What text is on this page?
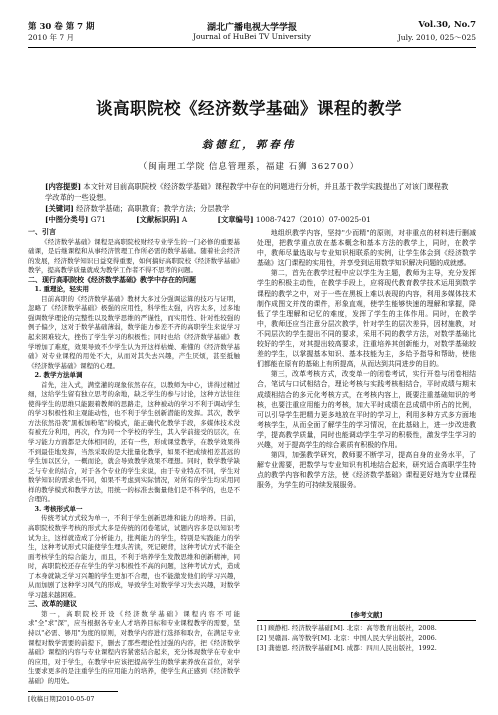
第 30 卷 第 7 期
2010 年 7 月
湖北广播电视大学学报
Journal of HuBei TV University
Vol.30, No.7
July. 2010, 025～025
谈高职院校《经济数学基础》课程的教学
翁德红，郭春伟
（闽南理工学院 信息管理系，福建 石狮 362700）

[内容提要] 本文针对目前高职院校《经济数学基础》课程教学中存在的问题进行分析，并且基于教学实践提出了对该门课程教学改革的一些设想。

[关键词] 经济数学基础；高职教育；教学方法；分层教学

[中图分类号] G71	[文献标识码] A	[文章编号] 1008-7427（2010）07-0025-01

一、引言

《经济数学基础》课程是高职院校财经专业学生的一门必修的重要基础课，是后继课程和从事经济管理工作所必需的数学基础。随着社会经济的发展，经济数学知识日益变得重要，如何搞好高职院校《经济数学基础》教学，提高教学质量就成为教学工作者不得不思考的问题。

二、现行高职院校《经济数学基础》教学中存在的问题

1. 重理论，轻实用

目前高职的《经济数学基础》教材大多过分强调运算的技巧与证明，忽略了《经济数学基础》极强的应用性，科学性太强，内容太多，过多地强调数学理论的完整性以及数学思维的严谨性，而实用性、针对性较强的例子偏少，这对于数学基础薄弱，数学能力参差不齐的高职学生来说学习起来困难较大，挫伤了学生学习的积极性；同时也给《经济数学基础》教学增加了难度，效果导致不少学生认为开这样枯燥、难懂的《经济数学基础》对专业课程的用处不大，从而对其失去兴趣，产生厌烦，甚至抵触《经济数学基础》课程的心理。

2. 教学方法单调

首先，注入式，满堂灌的现象依然存在，以教师为中心，讲得过精过细，这给学生留有独立思考的余地，缺乏学生的参与讨论，这种方法往往使得学生的思维只能跟着教师的思路走，这种被动的学习不利于调动学生的学习积极性和主观能动性，也不利于学生创新潜能的发挥。其次，教学方法依然沿袭"黑板加粉笔"的模式，能正确代化教学手段，多媒体技术没有被充分利用，再次，作为同一个学校的学生，其入学前接受的层次，在学习能力方面都是大体相同的，还有一些，形成课堂教学，在教学效果得不到最佳地发挥，当然采取的是大批量化教学，如果不把成绩相差甚远的学生加以区分，一概而论，就会导致教学效果不理想。同时，数学教学缺乏与专业的结合，对于各个专业的学生来说，由于专业特点不同，学生对数学知识的需求也不同，如果不考虑到实际情况，对所有的学生均采用同样的教学模式和教学方法，用统一的标准去衡量他们是不科学的，也是不合理的。

3. 考核形式单一

传统考试方式较为单一，不利于学生创新思维和能力的培养。目前，高职院校数学考核的形式大多是传统的闭卷笔试，试题内容多是以知识考试为主，这样就造成了分析能力，批判能力的学生，特别是实践能力的学生，这种考试形式只能使学生埋头苦读，死记硬背，这种考试方式不能全面考核学生的综合能力，而且，不利于培养学生发散思维和创新精神，同时，高职院校还存在学生的学习积极性不高的问题，这种考试方式，造成了本身就缺乏学习兴趣的学生更加不合理，也不能激发他们的学习兴趣，从而加剧了这种学习风气的形成，导致学生对数学学习失去兴趣，对数学学习越来越困难。

三、改革的建议

第一，高职院校开设《经济数学基础》课程内容不可能求"全"求"深"，应当根据各专业人才培养目标和专业课程教学的需要，坚持以"必需、够用"为度的原则，对教学内容进行选择和取舍，在满足专业课程对数学需要的前提下，删去了那些理论性过强的内容，把《经济数学基础》课程的内容与专业课程内容紧密结合起来，充分体现数学在专业中的应用，对于学生，在教学中应该把提高学生的数学素养放在首位，对学生要求更多的是注重学生的应用能力的培养，使学生真正感到《经济数学基础》的用处。

地组织教学内容，坚持"少而精"的原则，对非重点的材料进行删减处理，把教学重点放在基本概念和基本方法的教学上，同时，在教学中，教师尽量选取与专业知识相联系的实例，让学生体会到《经济数学基础》这门课程的实用性，并享受到运用数学知识解决问题的成就感。

第二，首先在教学过程中应以学生为主题，教师为主导，充分发挥学生的积极主动性，在教学手段上，应将现代教育教学技术运用到数学课程的教学之中，对于一些在黑板上难以表现的内容，利用多媒体技术制作成图文并茂的课件，形象直观，使学生能够快速的理解和掌握，降低了学生理解和记忆的难度，发挥了学生的主体作用。同时，在教学中，教师还应当注意分层次教学，针对学生的层次差异，因材施教，对不同层次的学生提出不同的要求，采用不同的教学方法，对数学基础比较好的学生，对其提出较高要求，注重培养其创新能力，对数学基础较差的学生，以掌握基本知识、基本技能为主，多给予指导和帮助，使他们都能在原有的基础上有所提高，从而达到共同进步的目的。

第三，改革考核方式，改变单一的闭卷考试，实行开卷与闭卷相结合，笔试与口试相结合，理论考核与实践考核相结合，平时成绩与期末成绩相结合的多元化考核方式，在考核内容上，既要注重基础知识的考核，也要注重应用能力的考核，加大平时成绩在总成绩中所占的比例，可以引导学生把精力更多地放在平时的学习上，利用多种方式多方面地考核学生，从而全面了解学生的学习情况，在此基础上，进一步改进教学，提高教学质量，同时也能调动学生学习的积极性，激发学生学习的兴趣，对于提高学生的综合素质有积极的作用。

第四，加强教学研究，教师要不断学习，提高自身的业务水平，了解专业需要，把数学与专业知识有机地结合起来，研究适合高职学生特点的教学内容和教学方法，使《经济数学基础》课程更好地为专业课程服务，为学生的可持续发展服务。

[参考文献]

[1] 顾静相. 经济数学基础[M]. 北京：高等教育出版社，2008.

[2] 吴赣昌. 高等数学[M]. 北京：中国人民大学出版社，2006.

[3] 龚德恩. 经济数学基础[M]. 成都：四川人民出版社，1992.

[收稿日期]2010-05-07
